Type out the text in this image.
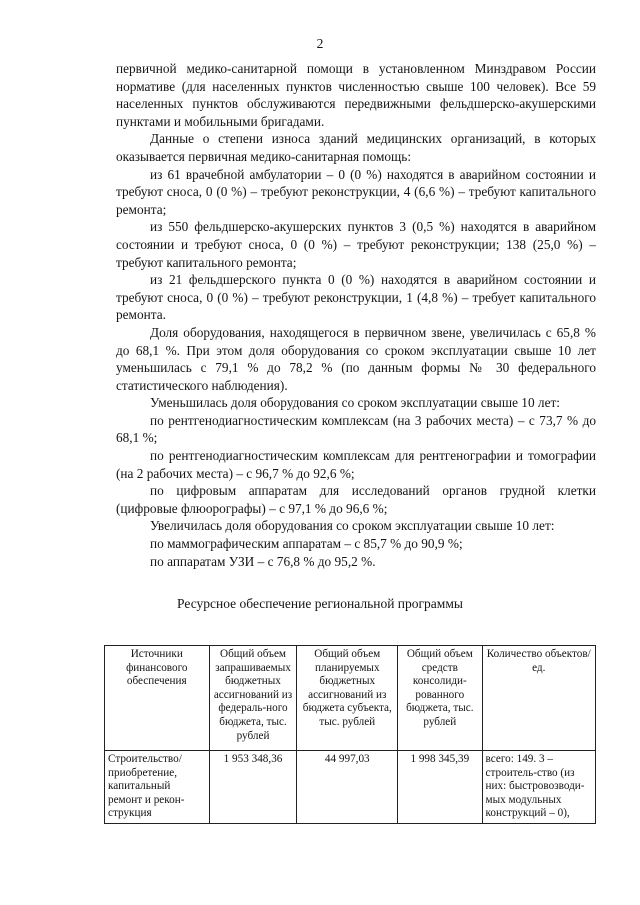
2

первичной медико-санитарной помощи в установленном Минздравом России нормативе (для населенных пунктов численностью свыше 100 человек). Все 59 населенных пунктов обслуживаются передвижными фельдшерско-акушерскими пунктами и мобильными бригадами.

Данные о степени износа зданий медицинских организаций, в которых оказывается первичная медико-санитарная помощь:

из 61 врачебной амбулатории – 0 (0 %) находятся в аварийном состоянии и требуют сноса, 0 (0 %) – требуют реконструкции, 4 (6,6 %) – требуют капитального ремонта;

из 550 фельдшерско-акушерских пунктов 3 (0,5 %) находятся в аварийном состоянии и требуют сноса, 0 (0 %) – требуют реконструкции; 138 (25,0 %) – требуют капитального ремонта;

из 21 фельдшерского пункта 0 (0 %) находятся в аварийном состоянии и требуют сноса, 0 (0 %) – требуют реконструкции, 1 (4,8 %) – требует капитального ремонта.

Доля оборудования, находящегося в первичном звене, увеличилась с 65,8 % до 68,1 %. При этом доля оборудования со сроком эксплуатации свыше 10 лет уменьшилась с 79,1 % до 78,2 % (по данным формы № 30 федерального статистического наблюдения).

Уменьшилась доля оборудования со сроком эксплуатации свыше 10 лет:

по рентгенодиагностическим комплексам (на 3 рабочих места) – с 73,7 % до 68,1 %;

по рентгенодиагностическим комплексам для рентгенографии и томографии (на 2 рабочих места) – с 96,7 % до 92,6 %;

по цифровым аппаратам для исследований органов грудной клетки (цифровые флюорографы) – с 97,1 % до 96,6 %;

Увеличилась доля оборудования со сроком эксплуатации свыше 10 лет:

по маммографическим аппаратам – с 85,7 % до 90,9 %;

по аппаратам УЗИ – с 76,8 % до 95,2 %.

Ресурсное обеспечение региональной программы
Источники финансового обеспечения	Общий объем запрашиваемых бюджетных ассигнований из федераль-ного бюджета, тыс. рублей	Общий объем планируемых бюджетных ассигнований из бюджета субъекта, тыс. рублей	Общий объем средств консолиди-рованного бюджета, тыс. рублей	Количество объектов/ед.
Строительство/ приобретение, капитальный ремонт и рекон-струкция	1 953 348,36	44 997,03	1 998 345,39	всего: 149. 3 – строитель-ство (из них: быстровозводи-мых модульных конструкций – 0),
